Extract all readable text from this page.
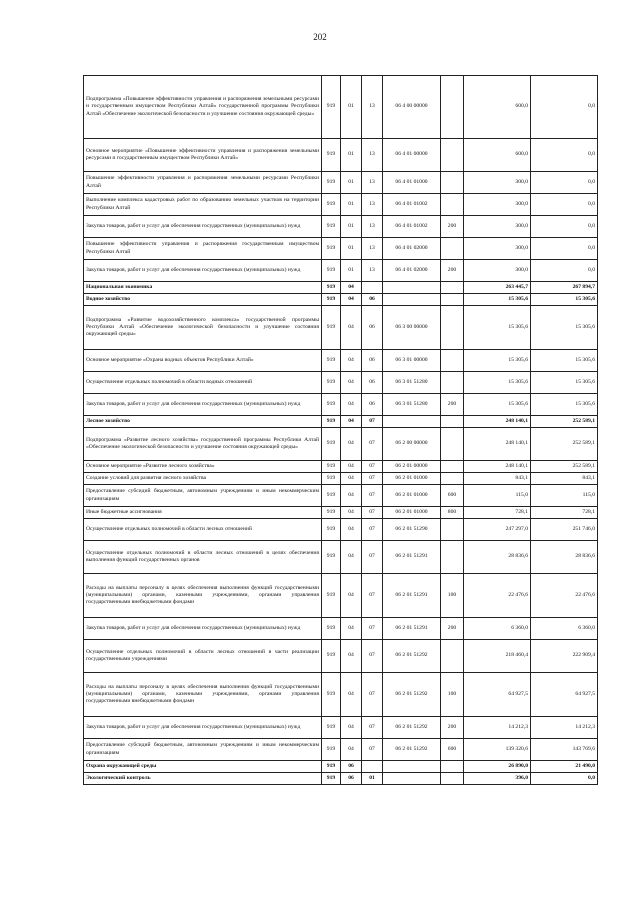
202
Подпрограмма «Повышение эффективности управления и распоряжения земельными ресурсами и государственным имуществом Республики Алтай» государственной программы Республики Алтай «Обеспечение экологической безопасности и улучшение состояния окружающей среды»	919	01	13	06 4 00 00000		600,0	0,0
Основное мероприятие «Повышение эффективности управления и распоряжения земельными ресурсами и государственным имуществом Республики Алтай»	919	01	13	06 4 01 00000		600,0	0,0
Повышение эффективности управления и распоряжения земельными ресурсами Республики Алтай	919	01	13	06 4 01 01000		300,0	0,0
Выполнение комплекса кадастровых работ по образованию земельных участков на территории Республики Алтай	919	01	13	06 4 01 01002		300,0	0,0
Закупка товаров, работ и услуг для обеспечения государственных (муниципальных) нужд	919	01	13	06 4 01 01002	200	300,0	0,0
Повышение эффективности управления и распоряжения государственным имуществом Республики Алтай	919	01	13	06 4 01 02000		300,0	0,0
Закупка товаров, работ и услуг для обеспечения государственных (муниципальных) нужд	919	01	13	06 4 01 02000	200	300,0	0,0
Национальная экономика	919	04				263 445,7	267 894,7
Водное хозяйство	919	04	06			15 305,6	15 305,6
Подпрограмма «Развитие водохозяйственного комплекса» государственной программы Республики Алтай «Обеспечение экологической безопасности и улучшение состояния окружающей среды»	919	04	06	06 3 00 00000		15 305,6	15 305,6
Основное мероприятие «Охрана водных объектов Республики Алтай»	919	04	06	06 3 01 00000		15 305,6	15 305,6
Осуществление отдельных полномочий в области водных отношений	919	04	06	06 3 01 51280		15 305,6	15 305,6
Закупка товаров, работ и услуг для обеспечения государственных (муниципальных) нужд	919	04	06	06 3 01 51280	200	15 305,6	15 305,6
Лесное хозяйство	919	04	07			248 140,1	252 589,1
Подпрограмма «Развитие лесного хозяйства» государственной программы Республики Алтай «Обеспечение экологической безопасности и улучшение состояния окружающей среды»	919	04	07	06 2 00 00000		248 140,1	252 589,1
Основное мероприятие «Развитие лесного хозяйства»	919	04	07	06 2 01 00000		248 140,1	252 589,1
Создание условий для развития лесного хозяйства	919	04	07	06 2 01 01000		843,1	843,1
Предоставление субсидий бюджетным, автономным учреждениям и иным некоммерческим организациям	919	04	07	06 2 01 01000	600	115,0	115,0
Иные бюджетные ассигнования	919	04	07	06 2 01 01000	800	728,1	728,1
Осуществление отдельных полномочий в области лесных отношений	919	04	07	06 2 01 51290		247 297,0	251 746,0
Осуществление отдельных полномочий в области лесных отношений в целях обеспечения выполнения функций государственных органов	919	04	07	06 2 01 51291		28 836,6	28 836,6
Расходы на выплаты персоналу в целях обеспечения выполнения функций государственными (муниципальными) органами, казенными учреждениями, органами управления государственными внебюджетными фондами	919	04	07	06 2 01 51291	100	22 476,6	22 476,6
Закупка товаров, работ и услуг для обеспечения государственных (муниципальных) нужд	919	04	07	06 2 01 51291	200	6 360,0	6 360,0
Осуществление отдельных полномочий в области лесных отношений в части реализации государственными учреждениями	919	04	07	06 2 01 51292		218 460,4	222 909,4
Расходы на выплаты персоналу в целях обеспечения выполнения функций государственными (муниципальными) органами, казенными учреждениями, органами управления государственными внебюджетными фондами	919	04	07	06 2 01 51292	100	64 927,5	64 927,5
Закупка товаров, работ и услуг для обеспечения государственных (муниципальных) нужд	919	04	07	06 2 01 51292	200	14 212,3	14 212,3
Предоставление субсидий бюджетным, автономным учреждениям и иным некоммерческим организациям	919	04	07	06 2 01 51292	600	139 320,6	143 769,6
Охрана окружающей среды	919	06				26 890,0	21 490,0
Экологический контроль	919	06	01			396,0	0,0
